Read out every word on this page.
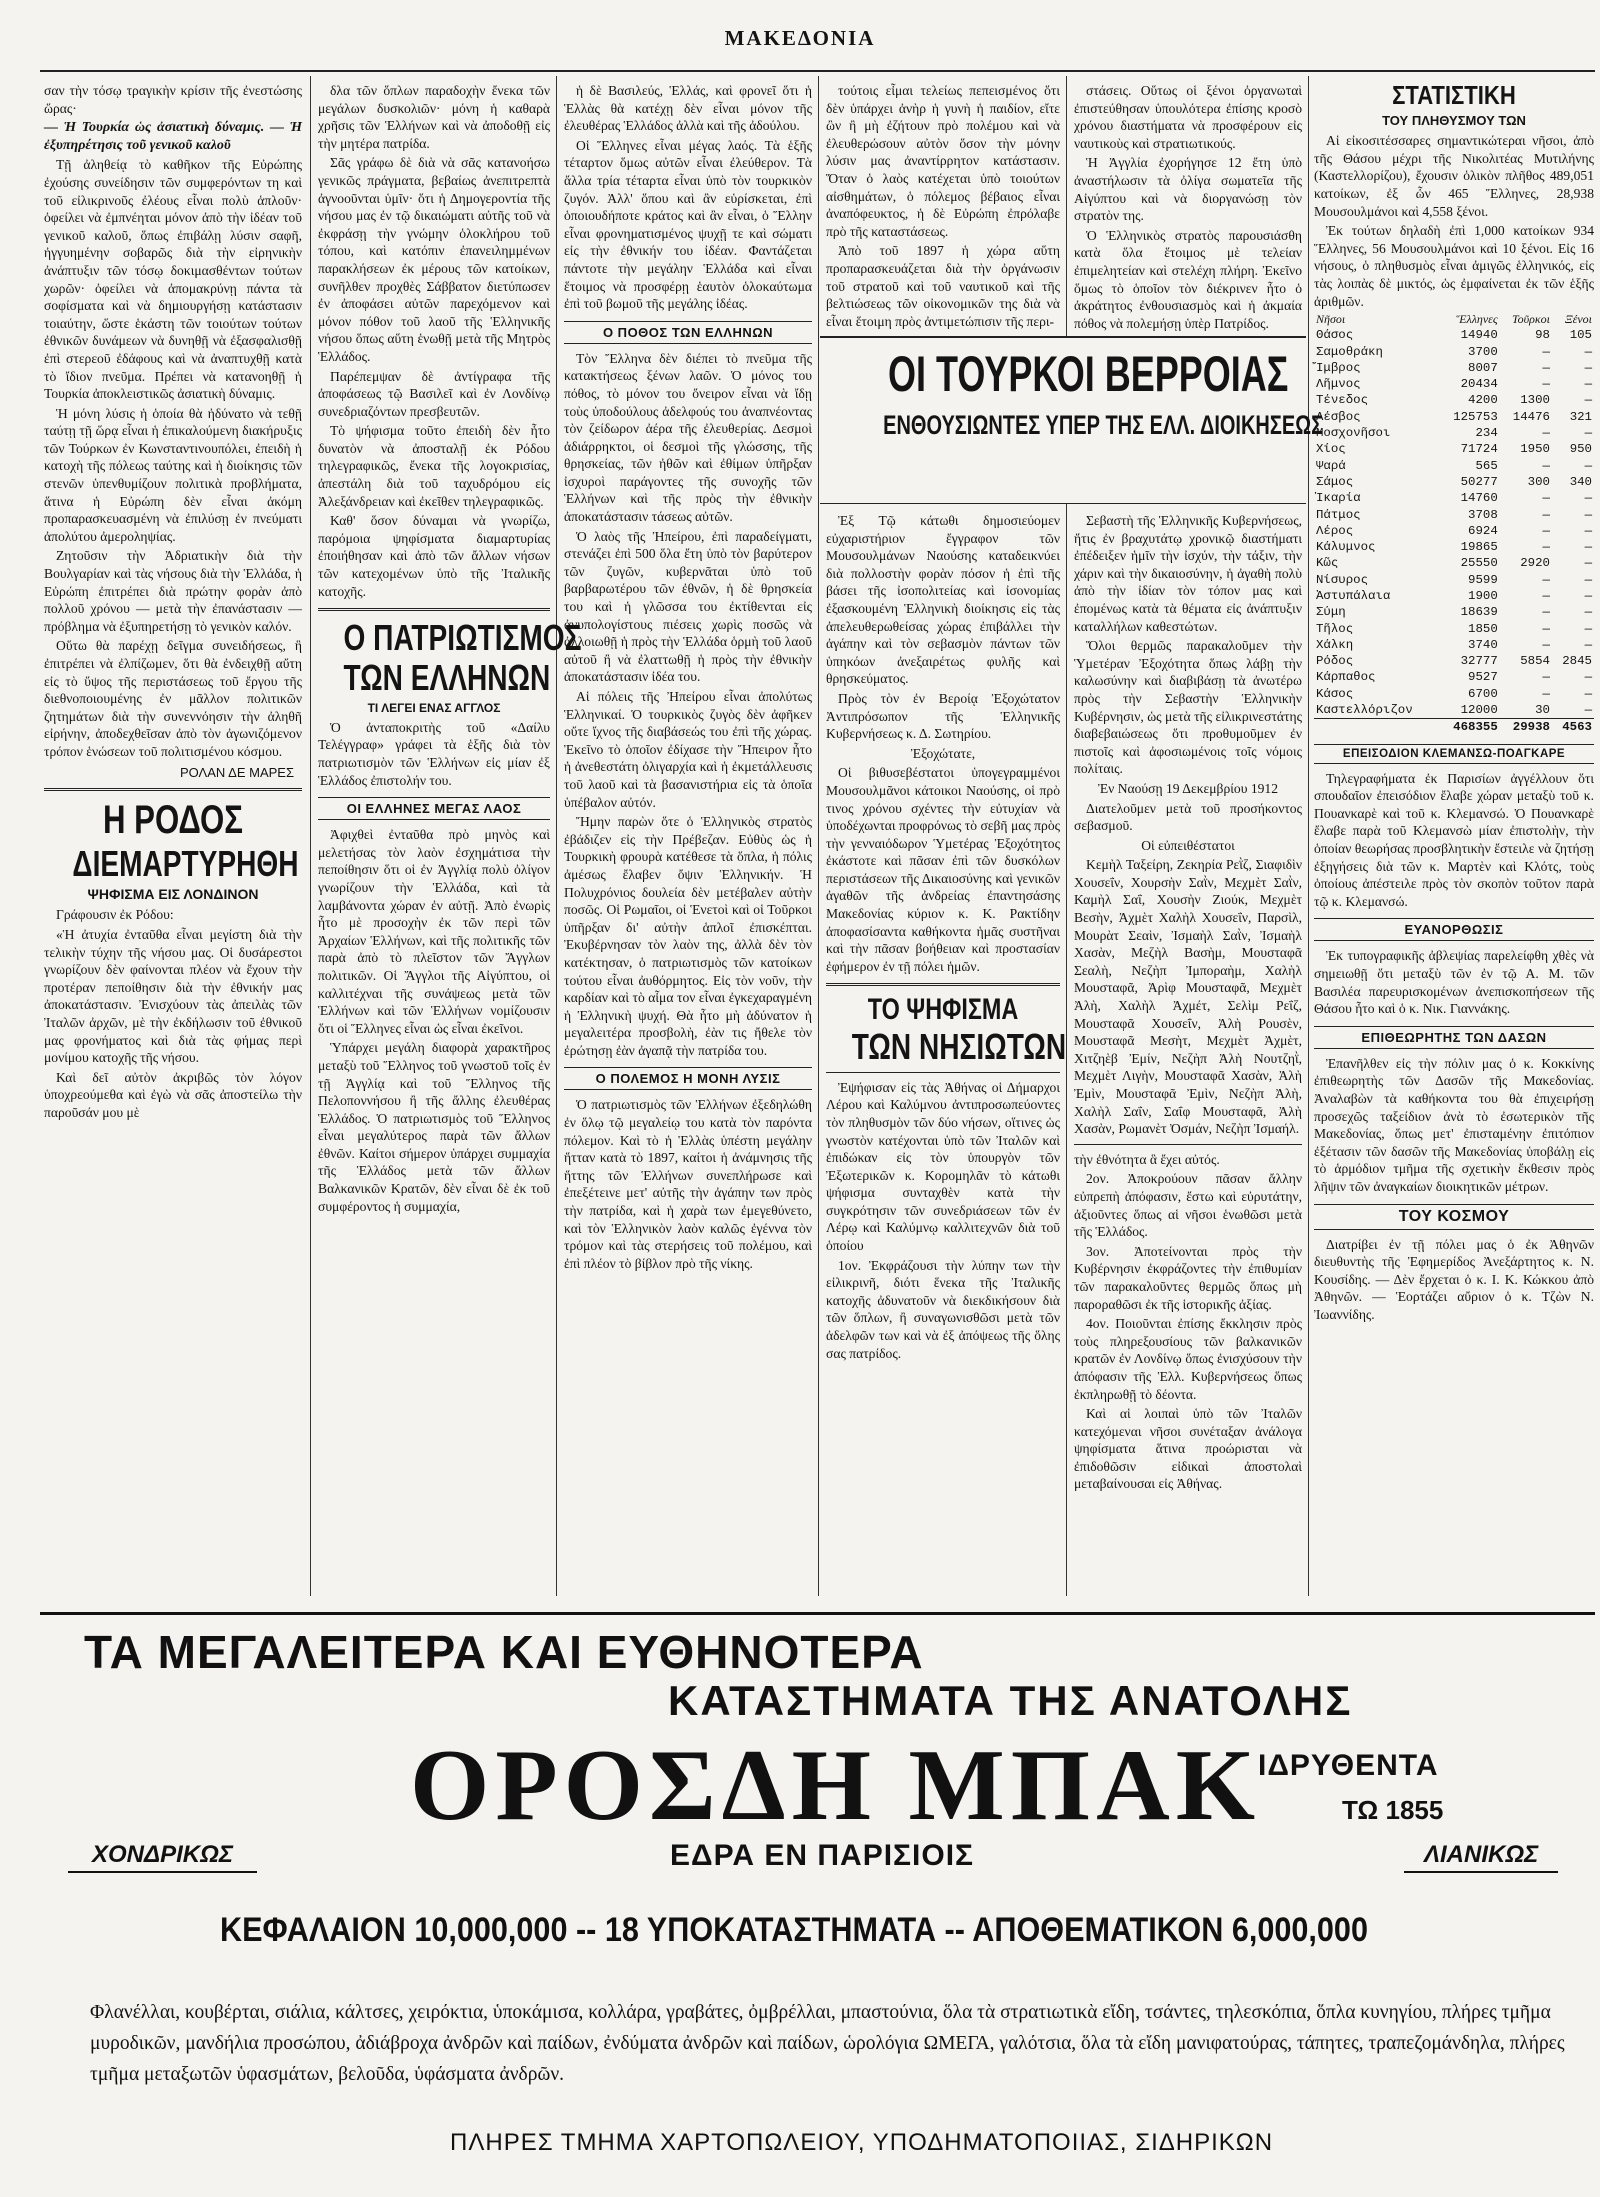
ΜΑΚΕΔΟΝΙΑ

σαν τὴν τόσῳ τραγικὴν κρίσιν τῆς ἐνεστώσης ὥρας·

— Ἡ Τουρκία ὡς ἀσιατικὴ δύναμις. — Ἡ ἐξυπηρέτησις τοῦ γενικοῦ καλοῦ

Τῇ ἀληθείᾳ τὸ καθῆκον τῆς Εὐρώπης ἐχούσης συνείδησιν τῶν συμφερόντων τη καὶ τοῦ εἰλικρινοῦς ἐλέους εἶναι πολὺ ἁπλοῦν· ὀφείλει νὰ ἐμπνέηται μόνον ἀπὸ τὴν ἰδέαν τοῦ γενικοῦ καλοῦ, ὅπως ἐπιβάλῃ λύσιν σαφῆ, ἠγγυημένην σοβαρῶς διὰ τὴν εἰρηνικὴν ἀνάπτυξιν τῶν τόσῳ δοκιμασθέντων τούτων χωρῶν· ὀφείλει νὰ ἀπομακρύνῃ πάντα τὰ σοφίσματα καὶ νὰ δημιουργήσῃ κατάστασιν τοιαύτην, ὥστε ἑκάστη τῶν τοιούτων τούτων ἐθνικῶν δυνάμεων νὰ δυνηθῇ νὰ ἐξασφαλισθῇ ἐπὶ στερεοῦ ἐδάφους καὶ νὰ ἀναπτυχθῇ κατὰ τὸ ἴδιον πνεῦμα. Πρέπει νὰ κατανοηθῇ ἡ Τουρκία ἀποκλειστικῶς ἀσιατικὴ δύναμις.

Ἡ μόνη λύσις ἡ ὁποία θὰ ἠδύνατο νὰ τεθῇ ταύτῃ τῇ ὥρᾳ εἶναι ἡ ἐπικαλούμενη διακήρυξις τῶν Τούρκων ἐν Κωνσταντινουπόλει, ἐπειδὴ ἡ κατοχὴ τῆς πόλεως ταύτης καὶ ἡ διοίκησις τῶν στενῶν ὑπενθυμίζουν πολιτικὰ προβλήματα, ἅτινα ἡ Εὐρώπη δὲν εἶναι ἀκόμη προπαρασκευασμένη νὰ ἐπιλύσῃ ἐν πνεύματι ἀπολύτου ἀμεροληψίας.

Ζητοῦσιν τὴν Ἀδριατικὴν διὰ τὴν Βουλγαρίαν καὶ τὰς νήσους διὰ τὴν Ἑλλάδα, ἡ Εὐρώπη ἐπιτρέπει διὰ πρώτην φορὰν ἀπὸ πολλοῦ χρόνου — μετὰ τὴν ἐπανάστασιν — πρόβλημα νὰ ἐξυπηρετήσῃ τὸ γενικὸν καλόν.

Οὕτω θὰ παρέχῃ δεῖγμα συνειδήσεως, ἣ ἐπιτρέπει νὰ ἐλπίζωμεν, ὅτι θὰ ἐνδειχθῇ αὔτη εἰς τὸ ὕψος τῆς περιστάσεως τοῦ ἔργου τῆς διεθνοποιουμένης ἐν μᾶλλον πολιτικῶν ζητημάτων διὰ τὴν συνεννόησιν τὴν ἀληθῆ εἰρήνην, ἀποδεχθεῖσαν ἀπὸ τὸν ἀγωνιζόμενον τρόπον ἑνώσεων τοῦ πολιτισμένου κόσμου.

ΡΟΛΑΝ ΔΕ ΜΑΡΕΣ
Η ΡΟΔΟΣ
ΔΙΕΜΑΡΤΥΡΗΘΗ
ΨΗΦΙΣΜΑ ΕΙΣ ΛΟΝΔΙΝΟΝ

Γράφουσιν ἐκ Ρόδου:

«Ἡ ἀτυχία ἐνταῦθα εἶναι μεγίστη διὰ τὴν τελικὴν τύχην τῆς νήσου μας. Οἱ δυσάρεστοι γνωρίζουν δὲν φαίνονται πλέον νὰ ἔχουν τὴν προτέραν πεποίθησιν διὰ τὴν ἐθνικήν μας ἀποκατάστασιν. Ἐνισχύουν τὰς ἀπειλὰς τῶν Ἰταλῶν ἀρχῶν, μὲ τὴν ἐκδήλωσιν τοῦ ἐθνικοῦ μας φρονήματος καὶ διὰ τὰς φήμας περὶ μονίμου κατοχῆς τῆς νήσου.

Καὶ δεῖ αὐτὸν ἀκριβῶς τὸν λόγον ὑποχρεούμεθα καὶ ἐγὼ νὰ σᾶς ἀποστείλω τὴν παροῦσάν μου μὲ

δλα τῶν ὅπλων παραδοχὴν ἔνεκα τῶν μεγάλων δυσκολιῶν· μόνη ἡ καθαρὰ χρῆσις τῶν Ἑλλήνων καὶ νὰ ἀποδοθῇ εἰς τὴν μητέρα πατρίδα.

Σᾶς γράφω δὲ διὰ νὰ σᾶς κατανοήσω γενικῶς πράγματα, βεβαίως ἀνεπιτρεπτὰ ἀγνοοῦνται ὑμῖν· ὅτι ἡ Δημογεροντία τῆς νήσου μας ἐν τῷ δικαιώματι αὐτῆς τοῦ νὰ ἐκφράσῃ τὴν γνώμην ὁλοκλήρου τοῦ τόπου, καὶ κατόπιν ἐπανειλημμένων παρακλήσεων ἐκ μέρους τῶν κατοίκων, συνῆλθεν προχθὲς Σάββατον διετύπωσεν ἐν ἀποφάσει αὐτῶν παρεχόμενον καὶ μόνον πόθον τοῦ λαοῦ τῆς Ἑλληνικῆς νήσου ὅπως αὕτη ἑνωθῇ μετὰ τῆς Μητρὸς Ἑλλάδος.

Παρέπεμψαν δὲ ἀντίγραφα τῆς ἀποφάσεως τῷ Βασιλεῖ καὶ ἐν Λονδίνῳ συνεδριαζόντων πρεσβευτῶν.

Τὸ ψήφισμα τοῦτο ἐπειδὴ δὲν ἦτο δυνατὸν νὰ ἀποσταλῇ ἐκ Ρόδου τηλεγραφικῶς, ἔνεκα τῆς λογοκρισίας, ἀπεστάλη διὰ τοῦ ταχυδρόμου εἰς Ἀλεξάνδρειαν καὶ ἐκεῖθεν τηλεγραφικῶς.

Καθ' ὅσον δύναμαι νὰ γνωρίζω, παρόμοια ψηφίσματα διαμαρτυρίας ἐποιήθησαν καὶ ἀπὸ τῶν ἄλλων νήσων τῶν κατεχομένων ὑπὸ τῆς Ἰταλικῆς κατοχῆς.

Ο ΠΑΤΡΙΩΤΙΣΜΟΣ
ΤΩΝ ΕΛΛΗΝΩΝ
ΤΙ ΛΕΓΕΙ ΕΝΑΣ ΑΓΓΛΟΣ

Ὁ ἀνταποκριτὴς τοῦ «Δαίλυ Τελέγγραφ» γράφει τὰ ἑξῆς διὰ τὸν πατριωτισμὸν τῶν Ἑλλήνων εἰς μίαν ἐξ Ἑλλάδος ἐπιστολήν του.

ΟΙ ΕΛΛΗΝΕΣ ΜΕΓΑΣ ΛΑΟΣ

Ἀφιχθεὶ ἐνταῦθα πρὸ μηνὸς καὶ μελετήσας τὸν λαὸν ἐσχημάτισα τὴν πεποίθησιν ὅτι οἱ ἐν Ἀγγλίᾳ πολὺ ὀλίγον γνωρίζουν τὴν Ἑλλάδα, καὶ τὰ λαμβάνοντα χώραν ἐν αὐτῇ. Ἀπὸ ἐνωρὶς ἦτο μὲ προσοχὴν ἐκ τῶν περὶ τῶν Ἀρχαίων Ἑλλήνων, καὶ τῆς πολιτικῆς τῶν παρὰ ἀπὸ τὸ πλεῖστον τῶν Ἄγγλων πολιτικῶν. Οἱ Ἄγγλοι τῆς Αἰγύπτου, οἱ καλλιτέχναι τῆς συνάψεως μετὰ τῶν Ἑλλήνων καὶ τῶν Ἑλλήνων νομίζουσιν ὅτι οἱ Ἕλληνες εἶναι ὡς εἶναι ἐκεῖνοι.

Ὑπάρχει μεγάλη διαφορὰ χαρακτῆρος μεταξὺ τοῦ Ἕλληνος τοῦ γνωστοῦ τοῖς ἐν τῇ Ἀγγλίᾳ καὶ τοῦ Ἕλληνος τῆς Πελοποννήσου ἢ τῆς ἄλλης ἐλευθέρας Ἑλλάδος. Ὁ πατριωτισμὸς τοῦ Ἕλληνος εἶναι μεγαλύτερος παρὰ τῶν ἄλλων ἐθνῶν. Καίτοι σήμερον ὑπάρχει συμμαχία τῆς Ἑλλάδος μετὰ τῶν ἄλλων Βαλκανικῶν Κρατῶν, δὲν εἶναι δὲ ἐκ τοῦ συμφέροντος ἡ συμμαχία,

ἡ δὲ Βασιλεύς, Ἑλλάς, καὶ φρονεῖ ὅτι ἡ Ἑλλὰς θὰ κατέχῃ δὲν εἶναι μόνον τῆς ἐλευθέρας Ἑλλάδος ἀλλὰ καὶ τῆς ἀδούλου.

Οἱ Ἕλληνες εἶναι μέγας λαός. Τὰ ἑξῆς τέταρτον ὅμως αὐτῶν εἶναι ἐλεύθερον. Τὰ ἄλλα τρία τέταρτα εἶναι ὑπὸ τὸν τουρκικὸν ζυγόν. Ἀλλ' ὅπου καὶ ἂν εὑρίσκεται, ἐπὶ ὁποιουδήποτε κράτος καὶ ἂν εἶναι, ὁ Ἕλλην εἶναι φρονηματισμένος ψυχῇ τε καὶ σώματι εἰς τὴν ἐθνικήν του ἰδέαν. Φαντάζεται πάντοτε τὴν μεγάλην Ἑλλάδα καὶ εἶναι ἕτοιμος νὰ προσφέρῃ ἑαυτὸν ὁλοκαύτωμα ἐπὶ τοῦ βωμοῦ τῆς μεγάλης ἰδέας.

Ο ΠΟΘΟΣ ΤΩΝ ΕΛΛΗΝΩΝ

Τὸν Ἕλληνα δὲν διέπει τὸ πνεῦμα τῆς κατακτήσεως ξένων λαῶν. Ὁ μόνος του πόθος, τὸ μόνον του ὄνειρον εἶναι νὰ ἴδῃ τοὺς ὑποδούλους ἀδελφούς του ἀναπνέοντας τὸν ζείδωρον ἀέρα τῆς ἐλευθερίας. Δεσμοὶ ἀδιάρρηκτοι, οἱ δεσμοὶ τῆς γλώσσης, τῆς θρησκείας, τῶν ἠθῶν καὶ ἐθίμων ὑπῆρξαν ἰσχυροὶ παράγοντες τῆς συνοχῆς τῶν Ἑλλήνων καὶ τῆς πρὸς τὴν ἐθνικὴν ἀποκατάστασιν τάσεως αὐτῶν.

Ὁ λαὸς τῆς Ἠπείρου, ἐπὶ παραδείγματι, στενάζει ἐπὶ 500 ὅλα ἔτη ὑπὸ τὸν βαρύτερον τῶν ζυγῶν, κυβερνᾶται ὑπὸ τοῦ βαρβαρωτέρου τῶν ἐθνῶν, ἡ δὲ θρησκεία του καὶ ἡ γλῶσσα του ἐκτίθενται εἰς ἀνυπολογίστους πιέσεις χωρὶς ποσῶς νὰ ἀλλοιωθῇ ἡ πρὸς τὴν Ἑλλάδα ὁρμὴ τοῦ λαοῦ αὐτοῦ ἢ νὰ ἐλαττωθῇ ἡ πρὸς τὴν ἐθνικὴν ἀποκατάστασιν ἰδέα του.

Αἱ πόλεις τῆς Ἠπείρου εἶναι ἀπολύτως Ἑλληνικαί. Ὁ τουρκικὸς ζυγὸς δὲν ἀφῆκεν οὔτε ἴχνος τῆς διαβάσεώς του ἐπὶ τῆς χώρας. Ἐκεῖνο τὸ ὁποῖον ἐδίχασε τὴν Ἤπειρον ἦτο ἡ ἀνεθεστάτη ὀλιγαρχία καὶ ἡ ἐκμετάλλευσις τοῦ λαοῦ καὶ τὰ βασανιστήρια εἰς τὰ ὁποῖα ὑπέβαλον αὐτόν.

Ἤμην παρὼν ὅτε ὁ Ἑλληνικὸς στρατὸς ἐβάδιζεν εἰς τὴν Πρέβεζαν. Εὐθὺς ὡς ἡ Τουρκικὴ φρουρὰ κατέθεσε τὰ ὅπλα, ἡ πόλις ἀμέσως ἔλαβεν ὄψιν Ἑλληνικήν. Ἡ Πολυχρόνιος δουλεία δὲν μετέβαλεν αὐτὴν ποσῶς. Οἱ Ρωμαῖοι, οἱ Ἑνετοὶ καὶ οἱ Τοῦρκοι ὑπῆρξαν δι' αὐτὴν ἁπλοῖ ἐπισκέπται. Ἐκυβέρνησαν τὸν λαὸν της, ἀλλὰ δὲν τὸν κατέκτησαν, ὁ πατριωτισμὸς τῶν κατοίκων τούτου εἶναι ἀυθόρμητος. Εἰς τὸν νοῦν, τὴν καρδίαν καὶ τὸ αἷμα τον εἶναι ἐγκεχαραγμένη ἡ Ἑλληνικὴ ψυχή. Θὰ ἦτο μὴ ἀδύνατον ἡ μεγαλειτέρα προσβολὴ, ἐὰν τις ἤθελε τὸν ἐρώτησῃ ἐὰν ἀγαπᾷ τὴν πατρίδα του.

Ο ΠΟΛΕΜΟΣ Η ΜΟΝΗ ΛΥΣΙΣ

Ὁ πατριωτισμὸς τῶν Ἑλλήνων ἐξεδηλώθη ἐν ὅλῳ τῷ μεγαλείῳ του κατὰ τὸν παρόντα πόλεμον. Καὶ τὸ ἡ Ἑλλὰς ὑπέστη μεγάλην ἥτταν κατὰ τὸ 1897, καίτοι ἡ ἀνάμνησις τῆς ἥττης τῶν Ἑλλήνων συνεπλήρωσε καὶ ἐπεξέτεινε μετ' αὐτῆς τὴν ἀγάπην των πρὸς τὴν πατρίδα, καὶ ἡ χαρὰ των ἐμεγεθύνετο, καὶ τὸν Ἑλληνικὸν λαὸν καλῶς ἐγέννα τὸν τρόμον καὶ τὰς στερήσεις τοῦ πολέμου, καὶ ἐπὶ πλέον τὸ βίβλον πρὸ τῆς νίκης.

τούτοις εἶμαι τελείως πεπεισμένος ὅτι δὲν ὑπάρχει ἀνὴρ ἡ γυνὴ ἡ παιδίον, εἴτε ὢν ἢ μὴ ἐζήτουν πρὸ πολέμου καὶ νὰ ἐλευθερώσουν αὐτὸν ὅσον τὴν μόνην λύσιν μας ἀναντίρρητον κατάστασιν. Ὅταν ὁ λαὸς κατέχεται ὑπὸ τοιούτων αἰσθημάτων, ὁ πόλεμος βέβαιος εἶναι ἀναπόφευκτος, ἡ δὲ Εὐρώπη ἐπρόλαβε πρὸ τῆς καταστάσεως.

Ἀπὸ τοῦ 1897 ἡ χώρα αὕτη προπαρασκευάζεται διὰ τὴν ὀργάνωσιν τοῦ στρατοῦ καὶ τοῦ ναυτικοῦ καὶ τῆς βελτιώσεως τῶν οἰκονομικῶν της διὰ νὰ εἶναι ἕτοιμη πρὸς ἀντιμετώπισιν τῆς περι-

στάσεις. Οὕτως οἱ ξένοι ὀργανωταὶ ἐπιστεύθησαν ὑπουλότερα ἐπίσης κροσὸ χρόνου διαστήματα νὰ προσφέρουν εἰς ναυτικοὺς καὶ στρατιωτικούς.

Ἡ Ἀγγλία ἐχορήγησε 12 ἔτη ὑπὸ ἀναστήλωσιν τὰ ὀλίγα σωματεῖα τῆς Αἰγύπτου καὶ νὰ διοργανώσῃ τὸν στρατὸν της.

Ὁ Ἑλληνικὸς στρατὸς παρουσιάσθη κατὰ ὅλα ἕτοιμος μὲ τελείαν ἐπιμελητείαν καὶ στελέχη πλήρη. Ἐκεῖνο ὅμως τὸ ὁποῖον τὸν διέκρινεν ἦτο ὁ ἀκράτητος ἐνθουσιασμὸς καὶ ἡ ἀκμαία πόθος νὰ πολεμήσῃ ὑπὲρ Πατρίδος.

ΟΙ ΤΟΥΡΚΟΙ ΒΕΡΡΟΙΑΣ
ΕΝΘΟΥΣΙΩΝΤΕΣ ΥΠΕΡ ΤΗΣ ΕΛΛ. ΔΙΟΙΚΗΣΕΩΣ

Ἐξ Τῷ κάτωθι δημοσιεύομεν εὐχαριστήριον ἔγγραφον τῶν Μουσουλμάνων Ναούσης καταδεικνύει διὰ πολλοστὴν φορὰν πόσον ἡ ἐπὶ τῆς βάσει τῆς ἰσοπολιτείας καὶ ἰσονομίας ἐξασκουμένη Ἑλληνικὴ διοίκησις εἰς τὰς ἀπελευθερωθείσας χώρας ἐπιβάλλει τὴν ἀγάπην καὶ τὸν σεβασμὸν πάντων τῶν ὑπηκόων ἀνεξαιρέτως φυλῆς καὶ θρησκεύματος.

Πρὸς τὸν ἐν Βεροίᾳ Ἐξοχώτατον Ἀντιπρόσωπον τῆς Ἑλληνικῆς Κυβερνήσεως κ. Δ. Σωτηρίου.

Ἐξοχώτατε,

Οἱ βιθυσεβέστατοι ὑπογεγραμμένοι Μουσουλμᾶνοι κάτοικοι Ναούσης, οἱ πρὸ τινος χρόνου σχέντες τὴν εὐτυχίαν νὰ ὑποδέχωνται προφρόνως τὸ σεβῆ μας πρὸς τὴν γενναιόδωρον Ὑμετέρας Ἐξοχότητος ἐκάστοτε καὶ πᾶσαν ἐπὶ τῶν δυσκόλων περιστάσεων τῆς Δικαιοσύνης καὶ γενικῶν ἀγαθῶν τῆς ἀνδρείας ἐπαντησάσης Μακεδονίας κύριον κ. Κ. Ρακτίδην ἀποφασίσαντα καθήκοντα ἡμᾶς συστῆναι καὶ τὴν πᾶσαν βοήθειαν καὶ προστασίαν ἐφήμερον ἐν τῇ πόλει ἡμῶν.

ΤΟ ΨΗΦΙΣΜΑ
ΤΩΝ ΝΗΣΙΩΤΩΝ

Ἐψήφισαν εἰς τὰς Ἀθήνας οἱ Δήμαρχοι Λέρου καὶ Καλύμνου ἀντιπροσωπεύοντες τὸν πληθυσμὸν τῶν δύο νήσων, οἵτινες ὡς γνωστὸν κατέχονται ὑπὸ τῶν Ἰταλῶν καὶ ἐπιδώκαν εἰς τὸν ὑπουργὸν τῶν Ἐξωτερικῶν κ. Κορομηλᾶν τὸ κάτωθι ψήφισμα συνταχθὲν κατὰ τὴν συγκρότησιν τῶν συνεδριάσεων τῶν ἐν Λέρῳ καὶ Καλύμνῳ καλλιτεχνῶν διὰ τοῦ ὁποίου

1ον. Ἐκφράζουσι τὴν λύπην των τὴν εἰλικρινῆ, διότι ἕνεκα τῆς Ἰταλικῆς κατοχῆς ἀδυνατοῦν νὰ διεκδικήσουν διὰ τῶν ὅπλων, ἢ συναγωνισθῶσι μετὰ τῶν ἀδελφῶν των καὶ νὰ ἐξ ἀπόψεως τῆς ὅλης σας πατρίδος.

Σεβαστὴ τῆς Ἑλληνικῆς Κυβερνήσεως, ἥτις ἐν βραχυτάτῳ χρονικῷ διαστήματι ἐπέδειξεν ἡμῖν τὴν ἰσχύν, τὴν τάξιν, τὴν χάριν καὶ τὴν δικαιοσύνην, ἡ ἀγαθὴ πολὺ ἀπὸ τὴν ἰδίαν τὸν τόπον μας καὶ ἐπομένως κατὰ τὰ θέματα εἰς ἀνάπτυξιν καταλλήλων καθεστώτων.

Ὅλοι θερμῶς παρακαλοῦμεν τὴν Ὑμετέραν Ἐξοχότητα ὅπως λάβῃ τὴν καλωσύνην καὶ διαβιβάσῃ τὰ ἀνωτέρω πρὸς τὴν Σεβαστὴν Ἑλληνικὴν Κυβέρνησιν, ὡς μετὰ τῆς εἰλικρινεστάτης διαβεβαιώσεως ὅτι προθυμοῦμεν ἐν πιστοῖς καὶ ἀφοσιωμένοις τοῖς νόμοις πολίταις.

Ἐν Ναούσῃ 19 Δεκεμβρίου 1912

Διατελοῦμεν μετὰ τοῦ προσήκοντος σεβασμοῦ.

Οἱ εὐπειθέστατοι

Κεμὴλ Ταξείρη, Ζεκηρία Ρεῒζ, Σιαφιδὶν Χουσεΐν, Χουρσὴν Σαῒν, Μεχμὲτ Σαῒν, Καμὴλ Σαΐ, Χουσὴν Ζιούκ, Μεχμὲτ Βεσὴν, Ἀχμὲτ Χαλὴλ Χουσεΐν, Παρσὶλ, Μουρὰτ Σεαὶν, Ἰσμαὴλ Σαῒν, Ἰσμαὴλ Χασὰν, Μεζὴλ Βασὴμ, Μουσταφᾶ Σεαλὴ, Νεζὴπ Ἰμποραὴμ, Χαλὴλ Μουσταφᾶ, Ἀρὶφ Μουσταφᾶ, Μεχμὲτ Ἀλὴ, Χαλὴλ Ἀχμέτ, Σελὶμ Ρεΐζ, Μουσταφᾶ Χουσεΐν, Ἀλὴ Ρουσὲν, Μουσταφᾶ Μεσὴτ, Μεχμὲτ Ἀχμὲτ, Χιτζηὲβ Ἐμίν, Νεζὴπ Ἀλὴ Νουτζηῒ, Μεχμὲτ Λιγὴν, Μουσταφᾶ Χασὰν, Ἀλὴ Ἐμὶν, Μουσταφᾶ Ἐμὶν, Νεζὴπ Ἀλὴ, Χαλὴλ Σαΐν, Σαΐφ Μουσταφᾶ, Ἀλὴ Χασὰν, Ρωμανὲτ Ὀσμάν, Νεζὴπ Ἰσμαήλ.

τὴν ἐθνότητα ἃ ἔχει αὐτός.

2ον. Ἀποκρούουν πᾶσαν ἄλλην εὐπρεπὴ ἀπόφασιν, ἔστω καὶ εὐρυτάτην, ἀξιοῦντες ὅπως αἱ νῆσοι ἑνωθῶσι μετὰ τῆς Ἑλλάδος.

3ον. Ἀποτείνονται πρὸς τὴν Κυβέρνησιν ἐκφράζοντες τὴν ἐπιθυμίαν τῶν παρακαλοῦντες θερμῶς ὅπως μὴ παροραθῶσι ἐκ τῆς ἱστορικῆς ἀξίας.

4ον. Ποιοῦνται ἐπίσης ἔκκλησιν πρὸς τοὺς πληρεξουσίους τῶν βαλκανικῶν κρατῶν ἐν Λονδίνῳ ὅπως ἐνισχύσουν τὴν ἀπόφασιν τῆς Ἑλλ. Κυβερνήσεως ὅπως ἐκπληρωθῇ τὸ δέοντα.

Καὶ αἱ λοιπαὶ ὑπὸ τῶν Ἰταλῶν κατεχόμεναι νῆσοι συνέταξαν ἀνάλογα ψηφίσματα ἅτινα προώρισται νὰ ἐπιδοθῶσιν εἰδικαὶ ἀποστολαὶ μεταβαίνουσαι εἰς Ἀθήνας.

ΣΤΑΤΙΣΤΙΚΗ
ΤΟΥ ΠΛΗΘΥΣΜΟΥ ΤΩΝ

Αἱ εἰκοσιτέσσαρες σημαντικώτεραι νῆσοι, ἀπὸ τῆς Θάσου μέχρι τῆς Νικολιτέας Μυτιλήνης (Καστελλορίζου), ἔχουσιν ὁλικὸν πλῆθος 489,051 κατοίκων, ἐξ ὧν 465 Ἕλληνες, 28,938 Μουσουλμάνοι καὶ 4,558 ξένοι.

Ἐκ τούτων δηλαδὴ ἐπὶ 1,000 κατοίκων 934 Ἕλληνες, 56 Μουσουλμάνοι καὶ 10 ξένοι. Εἰς 16 νήσους, ὁ πληθυσμὸς εἶναι ἀμιγῶς ἑλληνικός, εἰς τὰς λοιπὰς δὲ μικτός, ὡς ἐμφαίνεται ἐκ τῶν ἑξῆς ἀριθμῶν.

Νῆσοι	Ἕλληνες	Τοῦρκοι	Ξένοι
Θάσος	14940	98	105
Σαμοθράκη	3700	—	—
Ἴμβρος	8007	—	—
Λῆμνος	20434	—	—
Τένεδος	4200	1300	—
Λέσβος	125753	14476	321
Μοσχονῆσοι	234	—	—
Χίος	71724	1950	950
Ψαρά	565	—	—
Σάμος	50277	300	340
Ἰκαρία	14760	—	—
Πάτμος	3708	—	—
Λέρος	6924	—	—
Κάλυμνος	19865	—	—
Κῶς	25550	2920	—
Νίσυρος	9599	—	—
Ἀστυπάλαια	1900	—	—
Σύμη	18639	—	—
Τῆλος	1850	—	—
Χάλκη	3740	—	—
Ρόδος	32777	5854	2845
Κάρπαθος	9527	—	—
Κάσος	6700	—	—
Καστελλόριζον	12000	30	—
	468355	29938	4563
ΕΠΕΙΣΟΔΙΟΝ ΚΛΕΜΑΝΣΩ-ΠΟΑΓΚΑΡΕ

Τηλεγραφήματα ἐκ Παρισίων ἀγγέλλουν ὅτι σπουδαῖον ἐπεισόδιον ἔλαβε χώραν μεταξὺ τοῦ κ. Πουανκαρὲ καὶ τοῦ κ. Κλεμανσώ. Ὁ Πουανκαρὲ ἔλαβε παρὰ τοῦ Κλεμανσὼ μίαν ἐπιστολὴν, τὴν ὁποίαν θεωρήσας προσβλητικὴν ἔστειλε νὰ ζητήσῃ ἐξηγήσεις διὰ τῶν κ. Μαρτὲν καὶ Κλότς, τοὺς ὁποίους ἀπέστειλε πρὸς τὸν σκοπὸν τοῦτον παρὰ τῷ κ. Κλεμανσώ.

ΕΥΑΝΟΡΘΩΣΙΣ

Ἐκ τυπογραφικῆς ἀβλεψίας παρελείφθη χθὲς νὰ σημειωθῇ ὅτι μεταξὺ τῶν ἐν τῷ Α. Μ. τῶν Βασιλέα παρευρισκομένων ἀνεπισκοπήσεων τῆς Θάσου ἦτο καὶ ὁ κ. Νικ. Γιαννάκης.

ΕΠΙΘΕΩΡΗΤΗΣ ΤΩΝ ΔΑΣΩΝ

Ἐπανῆλθεν εἰς τὴν πόλιν μας ὁ κ. Κοκκίνης ἐπιθεωρητὴς τῶν Δασῶν τῆς Μακεδονίας. Ἀναλαβὼν τὰ καθήκοντα του θὰ ἐπιχειρήσῃ προσεχῶς ταξείδιον ἀνὰ τὸ ἐσωτερικὸν τῆς Μακεδονίας, ὅπως μετ' ἐπισταμένην ἐπιτόπιον ἐξέτασιν τῶν δασῶν τῆς Μακεδονίας ὑποβάλῃ εἰς τὸ ἁρμόδιον τμῆμα τῆς σχετικὴν ἔκθεσιν πρὸς λῆψιν τῶν ἀναγκαίων διοικητικῶν μέτρων.

ΤΟΥ ΚΟΣΜΟΥ

Διατρίβει ἐν τῇ πόλει μας ὁ ἐκ Ἀθηνῶν διευθυντὴς τῆς Ἐφημερίδος Ἀνεξάρτητος κ. Ν. Κουσίδης. — Δὲν ἔρχεται ὁ κ. Ι. Κ. Κώκκου ἀπὸ Ἀθηνῶν. — Ἑορτάζει αὔριον ὁ κ. Τζὼν Ν. Ἰωαννίδης.

ΤΑ ΜΕΓΑΛΕΙΤΕΡΑ ΚΑΙ ΕΥΘΗΝΟΤΕΡΑ
ΚΑΤΑΣΤΗΜΑΤΑ ΤΗΣ ΑΝΑΤΟΛΗΣ
ΟΡΟΣΔΗ ΜΠΑΚ
ΙΔΡΥΘΕΝΤΑ
ΤΩ 1855
ΧΟΝΔΡΙΚΩΣ	ΛΙΑΝΙΚΩΣ
ΕΔΡΑ ΕΝ ΠΑΡΙΣΙΟΙΣ
ΚΕΦΑΛΑΙΟΝ 10,000,000 -- 18 ΥΠΟΚΑΤΑΣΤΗΜΑΤΑ -- ΑΠΟΘΕΜΑΤΙΚΟΝ 6,000,000
Φλανέλλαι, κουβέρται, σιάλια, κάλτσες, χειρόκτια, ὑποκάμισα, κολλάρα, γραβάτες, ὀμβρέλλαι, μπαστούνια, ὅλα τὰ στρατιωτικὰ εἴδη, τσάντες, τηλεσκόπια, ὅπλα κυνηγίου, πλήρες τμῆμα μυροδικῶν, μανδήλια προσώπου, ἀδιάβροχα ἀνδρῶν καὶ παίδων, ἐνδύματα ἀνδρῶν καὶ παίδων, ὡρολόγια ΩΜΕΓΑ, γαλότσια, ὅλα τὰ εἴδη μανιφατούρας, τάπητες, τραπεζομάνδηλα, πλήρες τμῆμα μεταξωτῶν ὑφασμάτων, βελοῦδα, ὑφάσματα ἀνδρῶν.
ΠΛΗΡΕΣ ΤΜΗΜΑ ΧΑΡΤΟΠΩΛΕΙΟΥ, ΥΠΟΔΗΜΑΤΟΠΟΙΙΑΣ, ΣΙΔΗΡΙΚΩΝ
